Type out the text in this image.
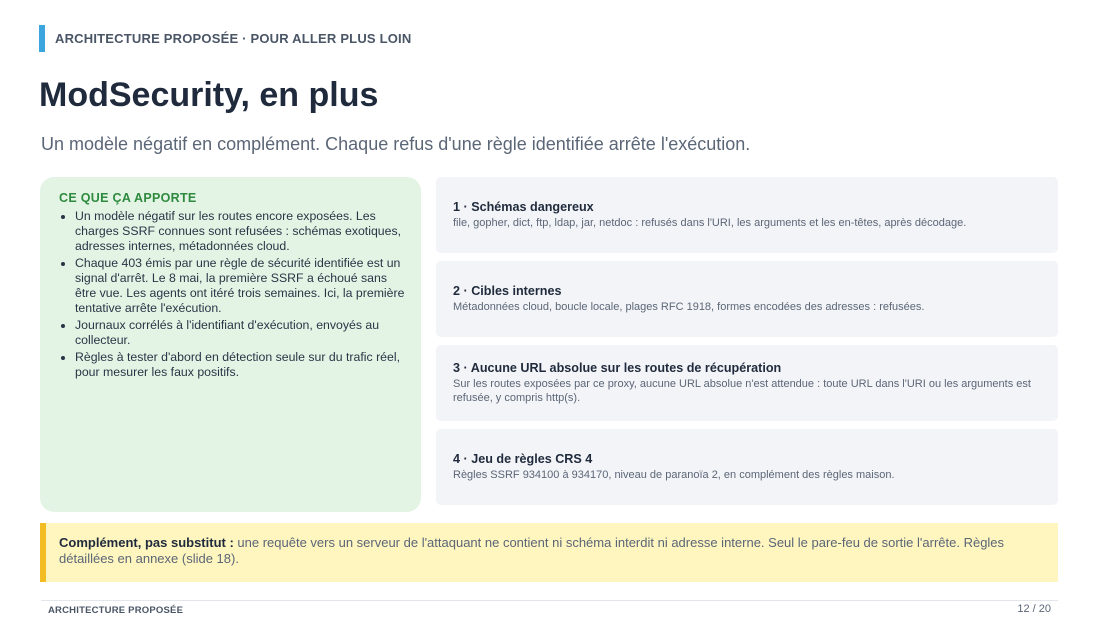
ARCHITECTURE PROPOSÉE · POUR ALLER PLUS LOIN
ModSecurity, en plus

Un modèle négatif en complément. Chaque refus d'une règle identifiée arrête l'exécution.

CE QUE ÇA APPORTE
• Un modèle négatif sur les routes encore exposées. Les charges SSRF connues sont refusées : schémas exotiques, adresses internes, métadonnées cloud.
• Chaque 403 émis par une règle de sécurité identifiée est un signal d'arrêt. Le 8 mai, la première SSRF a échoué sans être vue. Les agents ont itéré trois semaines. Ici, la première tentative arrête l'exécution.
• Journaux corrélés à l'identifiant d'exécution, envoyés au collecteur.
• Règles à tester d'abord en détection seule sur du trafic réel, pour mesurer les faux positifs.
1 · Schémas dangereux
file, gopher, dict, ftp, ldap, jar, netdoc : refusés dans l'URI, les arguments et les en-têtes, après décodage.
2 · Cibles internes
Métadonnées cloud, boucle locale, plages RFC 1918, formes encodées des adresses : refusées.
3 · Aucune URL absolue sur les routes de récupération
Sur les routes exposées par ce proxy, aucune URL absolue n'est attendue : toute URL dans l'URI ou les arguments est refusée, y compris http(s).
4 · Jeu de règles CRS 4
Règles SSRF 934100 à 934170, niveau de paranoïa 2, en complément des règles maison.
Complément, pas substitut : une requête vers un serveur de l'attaquant ne contient ni schéma interdit ni adresse interne. Seul le pare-feu de sortie l'arrête. Règles détaillées en annexe (slide 18).
ARCHITECTURE PROPOSÉE	12 / 20
